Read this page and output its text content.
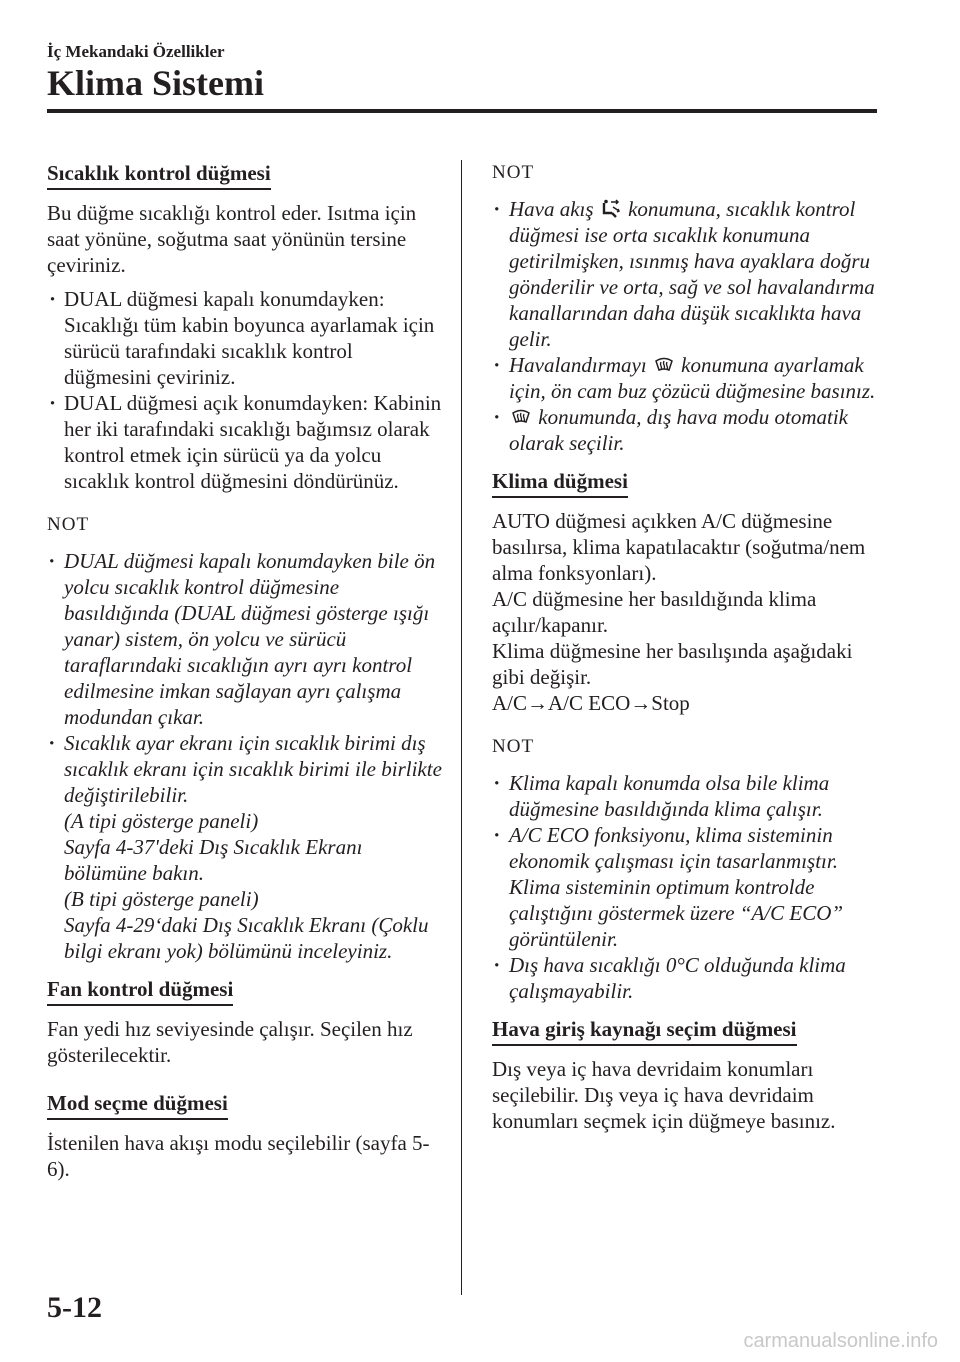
İç Mekandaki Özellikler
Klima Sistemi
Sıcaklık kontrol düğmesi

Bu düğme sıcaklığı kontrol eder. Isıtma için saat yönüne, soğutma saat yönünün tersine çeviriniz.

· DUAL düğmesi kapalı konumdayken: Sıcaklığı tüm kabin boyunca ayarlamak için sürücü tarafındaki sıcaklık kontrol düğmesini çeviriniz.
· DUAL düğmesi açık konumdayken: Kabinin her iki tarafındaki sıcaklığı bağımsız olarak kontrol etmek için sürücü ya da yolcu sıcaklık kontrol düğmesini döndürünüz.
NOT
· DUAL düğmesi kapalı konumdayken bile ön yolcu sıcaklık kontrol düğmesine basıldığında (DUAL düğmesi gösterge ışığı yanar) sistem, ön yolcu ve sürücü taraflarındaki sıcaklığın ayrı ayrı kontrol edilmesine imkan sağlayan ayrı çalışma modundan çıkar.
· Sıcaklık ayar ekranı için sıcaklık birimi dış sıcaklık ekranı için sıcaklık birimi ile birlikte değiştirilebilir.
(A tipi gösterge paneli)
Sayfa 4-37'deki Dış Sıcaklık Ekranı bölümüne bakın.
(B tipi gösterge paneli)
Sayfa 4-29‘daki Dış Sıcaklık Ekranı (Çoklu bilgi ekranı yok) bölümünü inceleyiniz.
Fan kontrol düğmesi

Fan yedi hız seviyesinde çalışır. Seçilen hız gösterilecektir.

Mod seçme düğmesi

İstenilen hava akışı modu seçilebilir (sayfa 5-6).

NOT
· Hava akış konumuna, sıcaklık kontrol düğmesi ise orta sıcaklık konumuna getirilmişken, ısınmış hava ayaklara doğru gönderilir ve orta, sağ ve sol havalandırma kanallarından daha düşük sıcaklıkta hava gelir.
· Havalandırmayı konumuna ayarlamak için, ön cam buz çözücü düğmesine basınız.
· konumunda, dış hava modu otomatik olarak seçilir.
Klima düğmesi

AUTO düğmesi açıkken A/C düğmesine basılırsa, klima kapatılacaktır (soğutma/nem alma fonksyonları).

A/C düğmesine her basıldığında klima açılır/kapanır.

Klima düğmesine her basılışında aşağıdaki gibi değişir.

A/C→A/C ECO→Stop

NOT
· Klima kapalı konumda olsa bile klima düğmesine basıldığında klima çalışır.
· A/C ECO fonksiyonu, klima sisteminin ekonomik çalışması için tasarlanmıştır. Klima sisteminin optimum kontrolde çalıştığını göstermek üzere “A/C ECO” görüntülenir.
· Dış hava sıcaklığı 0°C olduğunda klima çalışmayabilir.
Hava giriş kaynağı seçim düğmesi

Dış veya iç hava devridaim konumları seçilebilir. Dış veya iç hava devridaim konumları seçmek için düğmeye basınız.

5-12
carmanualsonline.info
